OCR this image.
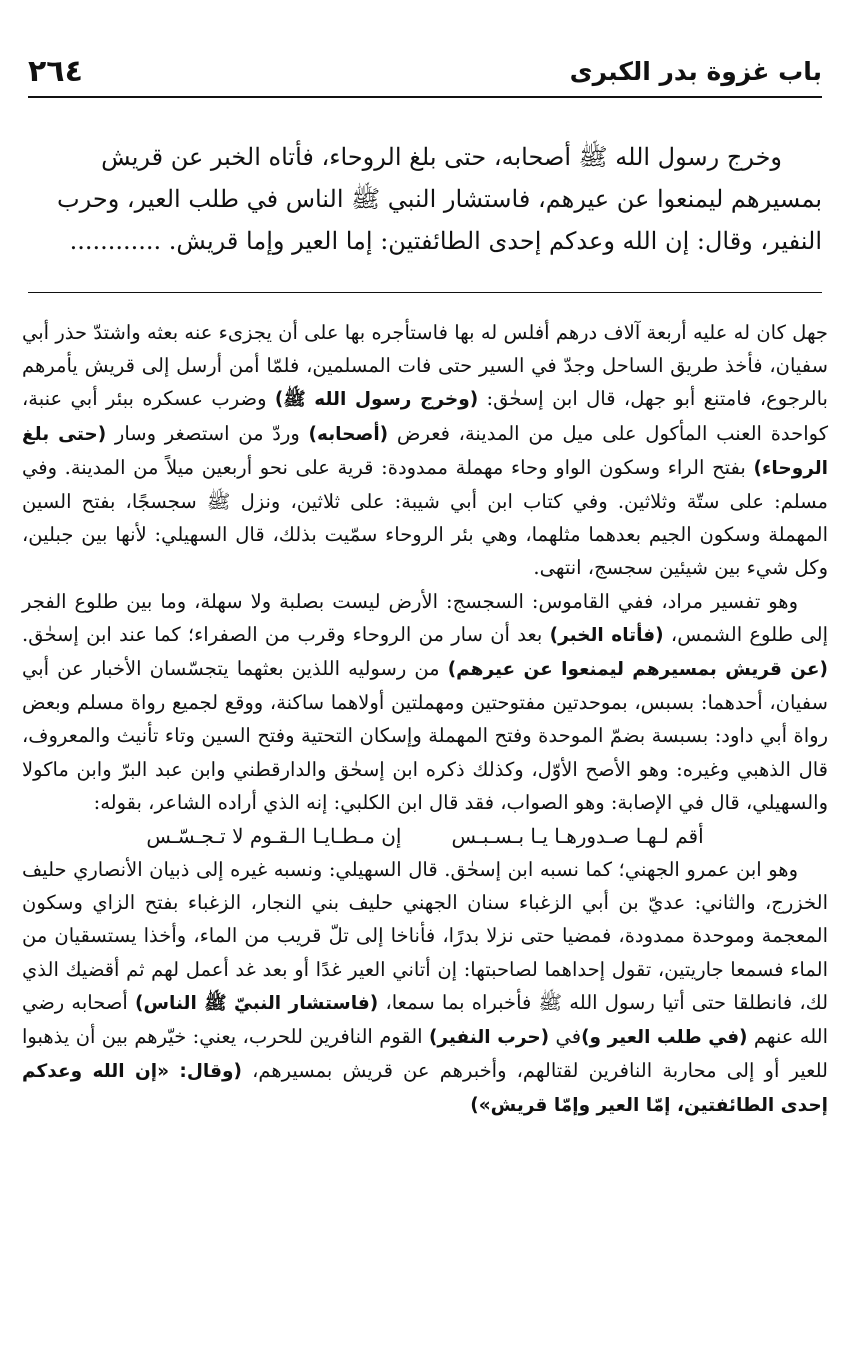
باب غزوة بدر الكبرى
٢٦٤

وخرج رسول الله ﷺ أصحابه، حتى بلغ الروحاء، فأتاه الخبر عن قريش

بمسيرهم ليمنعوا عن عيرهم، فاستشار النبي ﷺ الناس في طلب العير، وحرب

النفير، وقال: إن الله وعدكم إحدى الطائفتين: إما العير وإما قريش. ............

جهل كان له عليه أربعة آلاف درهم أفلس له بها فاستأجره بها على أن يجزىء عنه بعثه واشتدّ حذر أبي سفيان، فأخذ طريق الساحل وجدّ في السير حتى فات المسلمين، فلمّا أمن أرسل إلى قريش يأمرهم بالرجوع، فامتنع أبو جهل، قال ابن إسحٰق: (وخرج رسول الله ﷺ) وضرب عسكره ببئر أبي عنبة، كواحدة العنب المأكول على ميل من المدينة، فعرض (أصحابه) وردّ من استصغر وسار (حتى بلغ الروحاء) بفتح الراء وسكون الواو وحاء مهملة ممدودة: قرية على نحو أربعين ميلاً من المدينة. وفي مسلم: على ستّة وثلاثين. وفي كتاب ابن أبي شيبة: على ثلاثين، ونزل ﷺ سجسجًا، بفتح السين المهملة وسكون الجيم بعدهما مثلهما، وهي بئر الروحاء سمّيت بذلك، قال السهيلي: لأنها بين جبلين، وكل شيء بين شيئين سجسج، انتهى.

وهو تفسير مراد، ففي القاموس: السجسج: الأرض ليست بصلبة ولا سهلة، وما بين طلوع الفجر إلى طلوع الشمس، (فأتاه الخبر) بعد أن سار من الروحاء وقرب من الصفراء؛ كما عند ابن إسحٰق. (عن قريش بمسيرهم ليمنعوا عن عيرهم) من رسوليه اللذين بعثهما يتجسّسان الأخبار عن أبي سفيان، أحدهما: بسبس، بموحدتين مفتوحتين ومهملتين أولاهما ساكنة، ووقع لجميع رواة مسلم وبعض رواة أبي داود: بسبسة بضمّ الموحدة وفتح المهملة وإسكان التحتية وفتح السين وتاء تأنيث والمعروف، قال الذهبي وغيره: وهو الأصح الأوّل، وكذلك ذكره ابن إسحٰق والدارقطني وابن عبد البرّ وابن ماكولا والسهيلي، قال في الإصابة: وهو الصواب، فقد قال ابن الكلبي: إنه الذي أراده الشاعر، بقوله:

أقم لـهـا صـدورهـا يـا بـسـبـس
إن مـطـايـا الـقـوم لا تـجـسّـس

وهو ابن عمرو الجهني؛ كما نسبه ابن إسحٰق. قال السهيلي: ونسبه غيره إلى ذبيان الأنصاري حليف الخزرج، والثاني: عديّ بن أبي الزغباء سنان الجهني حليف بني النجار، الزغباء بفتح الزاي وسكون المعجمة وموحدة ممدودة، فمضيا حتى نزلا بدرًا، فأناخا إلى تلّ قريب من الماء، وأخذا يستسقيان من الماء فسمعا جاريتين، تقول إحداهما لصاحبتها: إن أتاني العير غدًا أو بعد غد أعمل لهم ثم أقضيك الذي لك، فانطلقا حتى أتيا رسول الله ﷺ فأخبراه بما سمعا، (فاستشار النبيّ ﷺ الناس) أصحابه رضي الله عنهم (في طلب العير و)في (حرب النفير) القوم النافرين للحرب، يعني: خيّرهم بين أن يذهبوا للعير أو إلى محاربة النافرين لقتالهم، وأخبرهم عن قريش بمسيرهم، (وقال: «إن الله وعدكم إحدى الطائفتين، إمّا العير وإمّا قريش»)
